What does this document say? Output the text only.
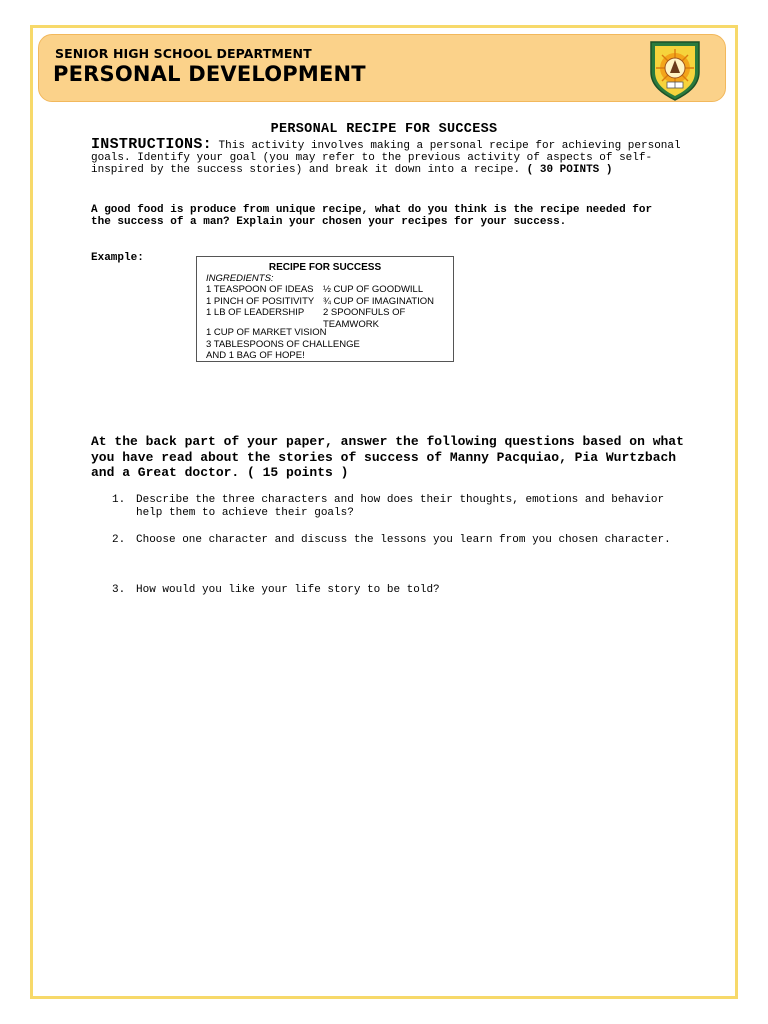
SENIOR HIGH SCHOOL DEPARTMENT
PERSONAL DEVELOPMENT
PERSONAL RECIPE FOR SUCCESS
INSTRUCTIONS: This activity involves making a personal recipe for achieving personal goals. Identify your goal (you may refer to the previous activity of aspects of self- inspired by the success stories) and break it down into a recipe. ( 30 POINTS )
A good food is produce from unique recipe, what do you think is the recipe needed for the success of a man? Explain your chosen your recipes for your success.
Example:
RECIPE FOR SUCCESS
INGREDIENTS:
1 TEASPOON OF IDEAS
1 PINCH OF POSITIVITY
1 LB OF LEADERSHIP
½ CUP OF GOODWILL
¾ CUP OF IMAGINATION
2 SPOONFULS OF
TEAMWORK
1 CUP OF MARKET VISION
3 TABLESPOONS OF CHALLENGE
AND 1 BAG OF HOPE!
At the back part of your paper, answer the following questions based on what you have read about the stories of success of Manny Pacquiao, Pia Wurtzbach and a Great doctor. ( 15 points )
1. Describe the three characters and how does their thoughts, emotions and behavior help them to achieve their goals?
2. Choose one character and discuss the lessons you learn from you chosen character.
3. How would you like your life story to be told?
